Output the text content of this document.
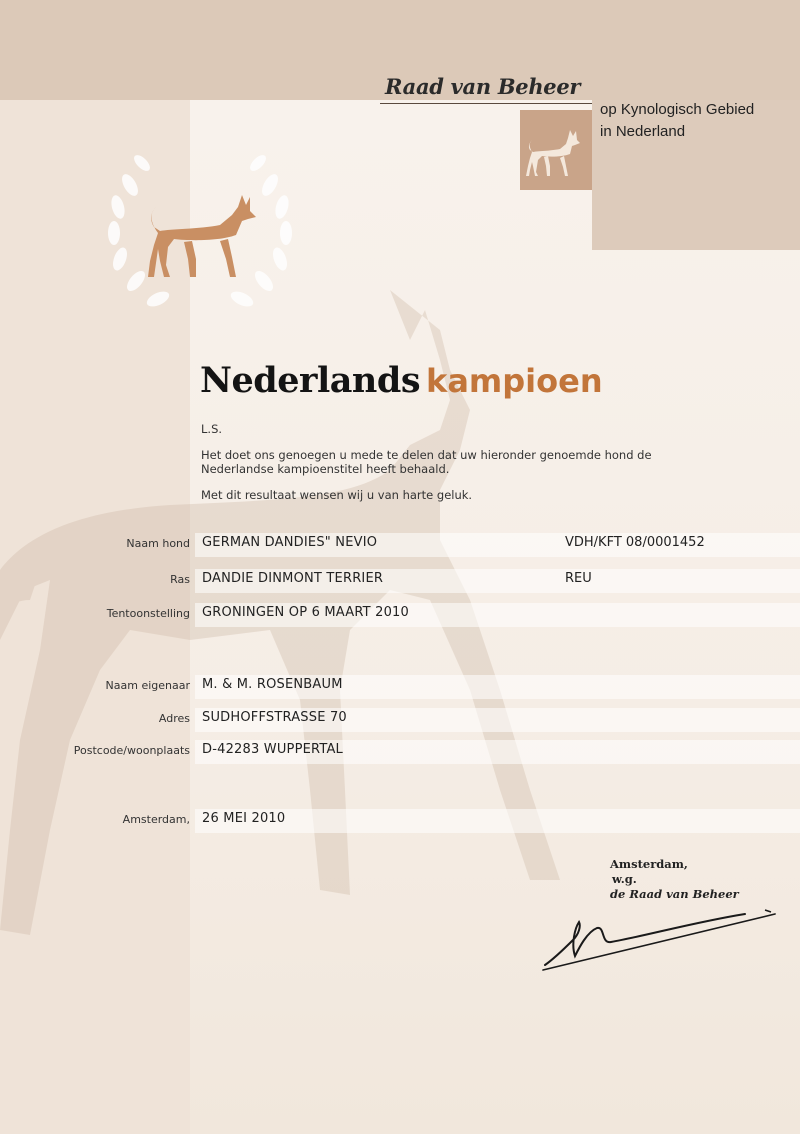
Raad van Beheer
op Kynologisch Gebied
in Nederland
Nederlands kampioen

L.S.

Het doet ons genoegen u mede te delen dat uw hieronder genoemde hond de Nederlandse kampioenstitel heeft behaald.

Met dit resultaat wensen wij u van harte geluk.

Naam hond GERMAN DANDIES" NEVIO	VDH/KFT 08/0001452
Ras DANDIE DINMONT TERRIER	REU
Tentoonstelling GRONINGEN OP 6 MAART 2010
Naam eigenaar M. & M. ROSENBAUM
Adres SUDHOFFSTRASSE 70
Postcode/woonplaats D-42283 WUPPERTAL
Amsterdam, 26 MEI 2010
Amsterdam,
w.g.
de Raad van Beheer
